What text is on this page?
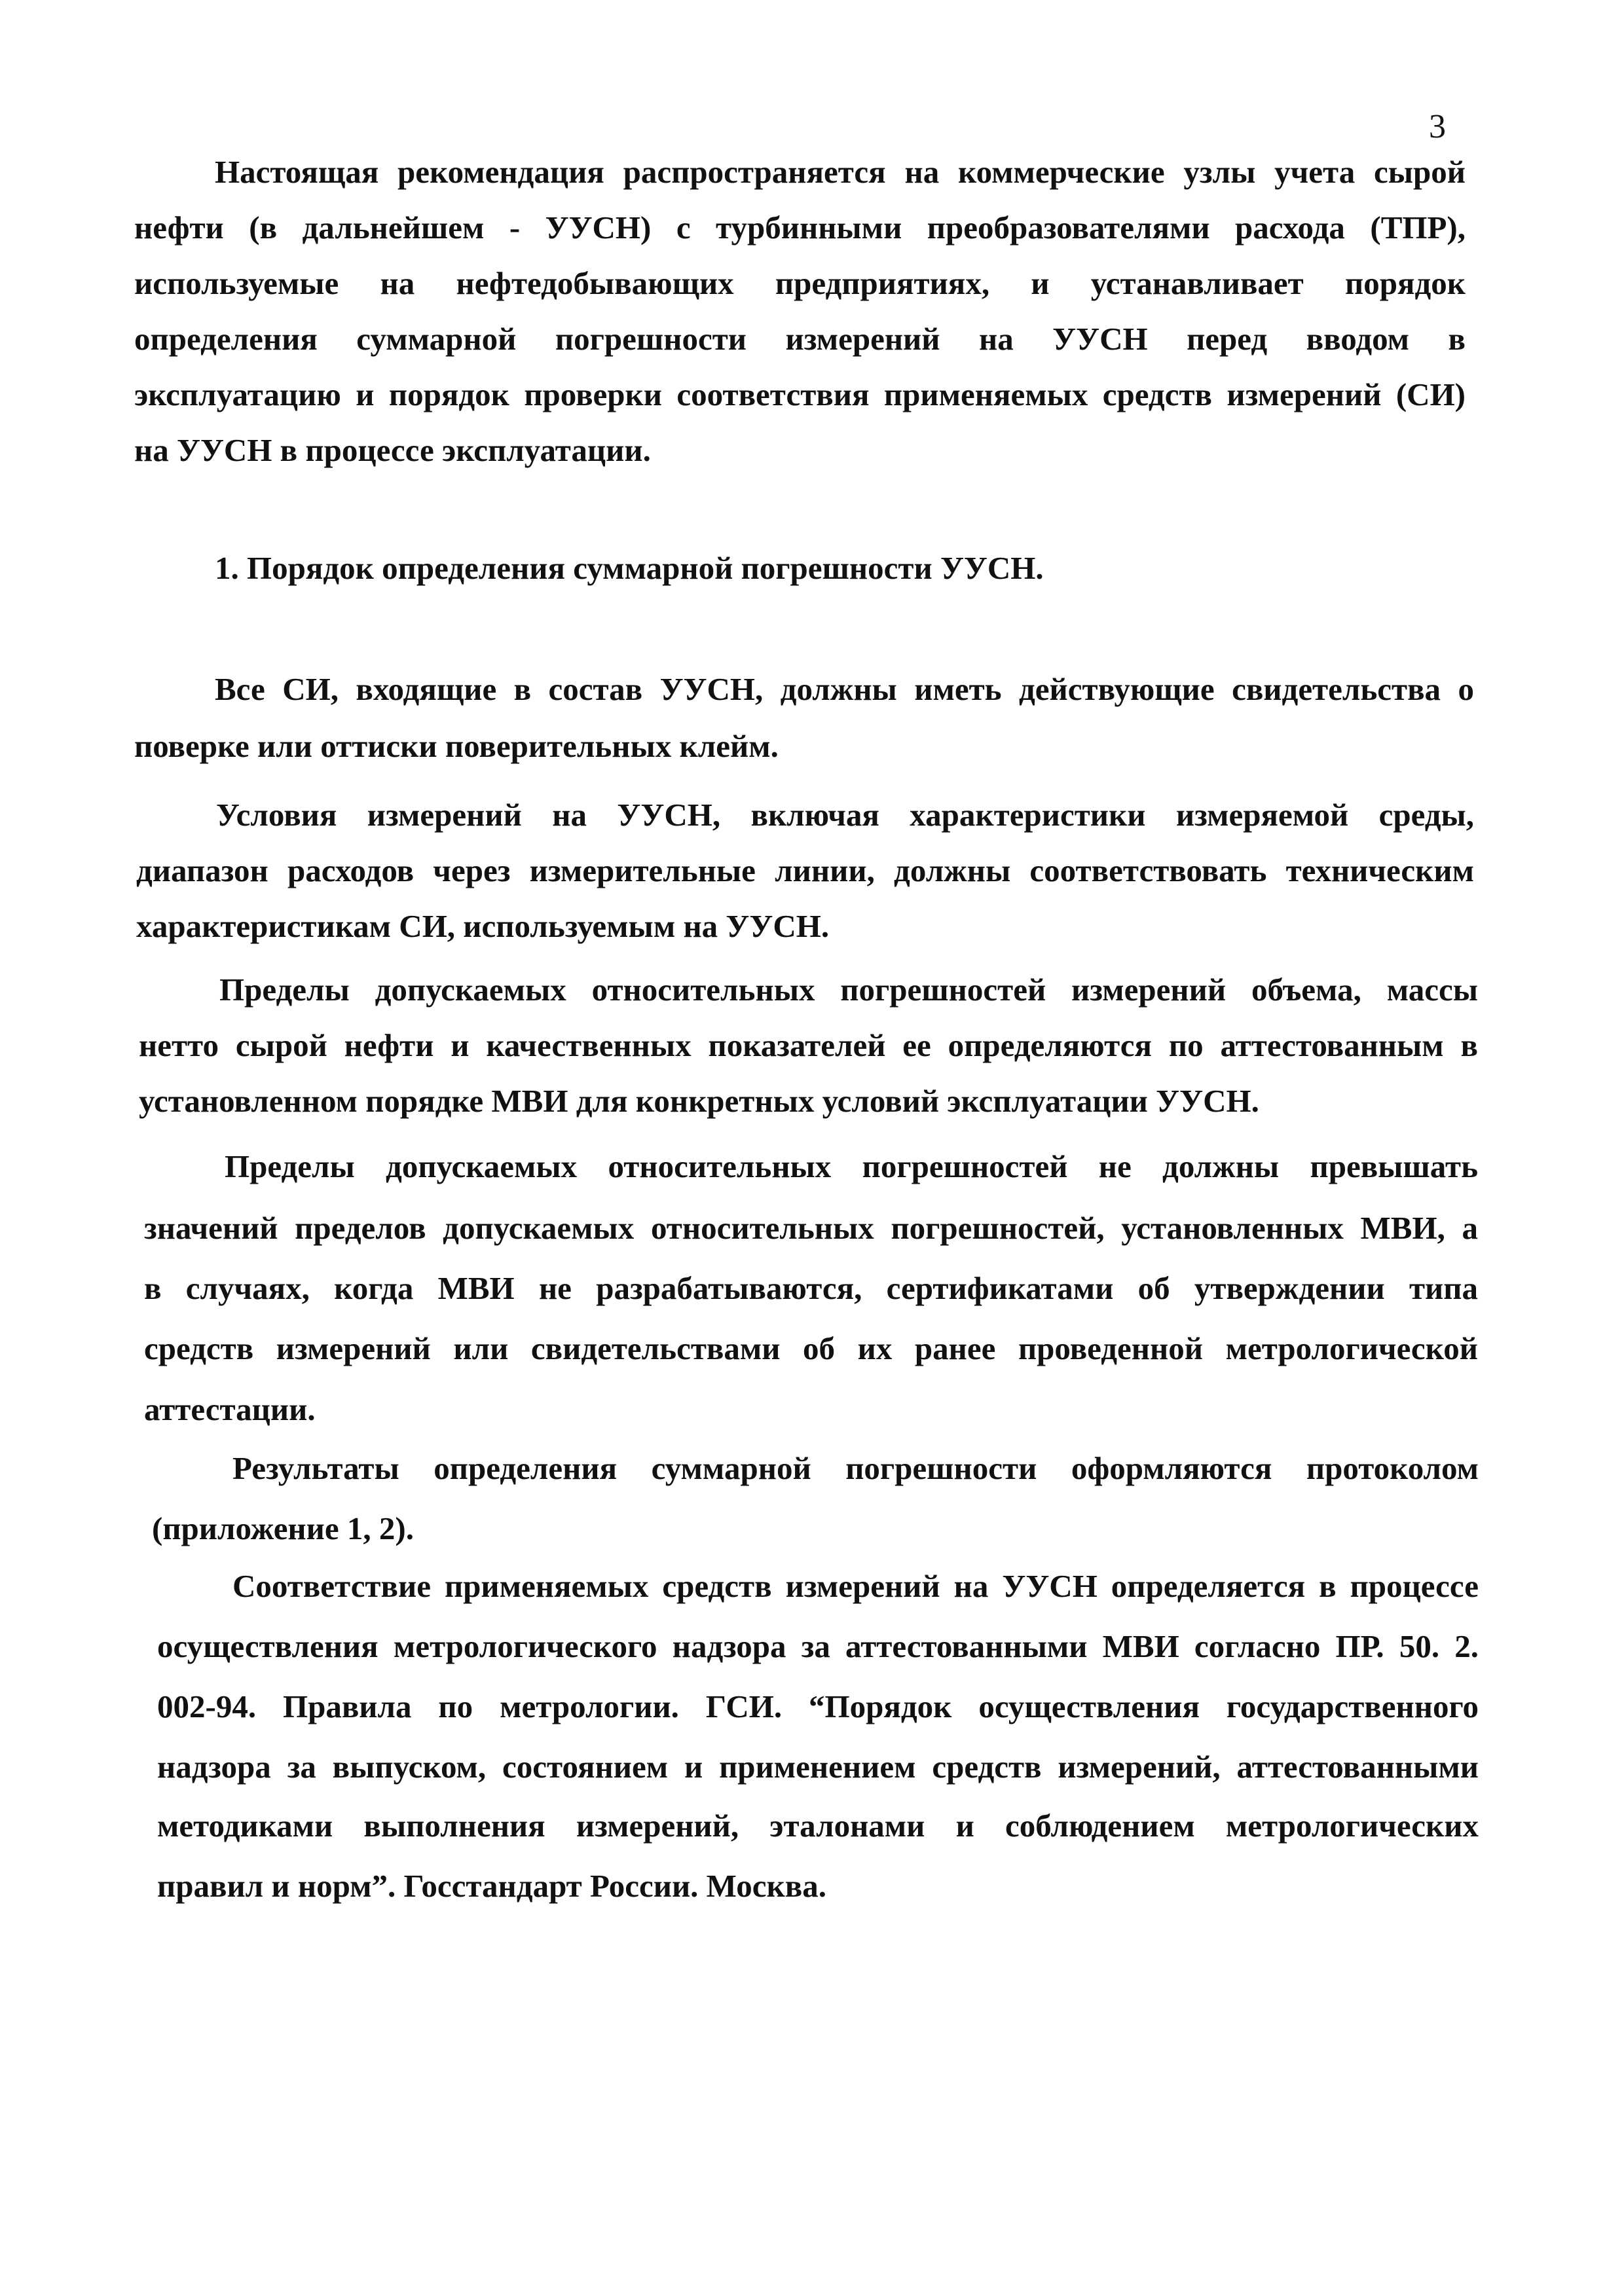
3
Настоящая рекомендация распространяется на коммерческие узлы учета сырой
нефти (в дальнейшем - УУСН) с турбинными преобразователями расхода (ТПР),
используемые на нефтедобывающих предприятиях, и устанавливает порядок
определения суммарной погрешности измерений на УУСН перед вводом в
эксплуатацию и порядок проверки соответствия применяемых средств измерений (СИ)
на УУСН в процессе эксплуатации.
1. Порядок определения суммарной погрешности УУСН.
Все СИ, входящие в состав УУСН, должны иметь действующие свидетельства о
поверке или оттиски поверительных клейм.
Условия измерений на УУСН, включая характеристики измеряемой среды,
диапазон расходов через измерительные линии, должны соответствовать техническим
характеристикам СИ, используемым на УУСН.
Пределы допускаемых относительных погрешностей измерений объема, массы
нетто сырой нефти и качественных показателей ее определяются по аттестованным в
установленном порядке МВИ для конкретных условий эксплуатации УУСН.
Пределы допускаемых относительных погрешностей не должны превышать
значений пределов допускаемых относительных погрешностей, установленных МВИ, а
в случаях, когда МВИ не разрабатываются, сертификатами об утверждении типа
средств измерений или свидетельствами об их ранее проведенной метрологической
аттестации.
Результаты определения суммарной погрешности оформляются протоколом
(приложение 1, 2).
Соответствие применяемых средств измерений на УУСН определяется в процессе
осуществления метрологического надзора за аттестованными МВИ согласно ПР. 50. 2.
002-94. Правила по метрологии. ГСИ. “Порядок осуществления государственного
надзора за выпуском, состоянием и применением средств измерений, аттестованными
методиками выполнения измерений, эталонами и соблюдением метрологических
правил и норм”. Госстандарт России. Москва.
